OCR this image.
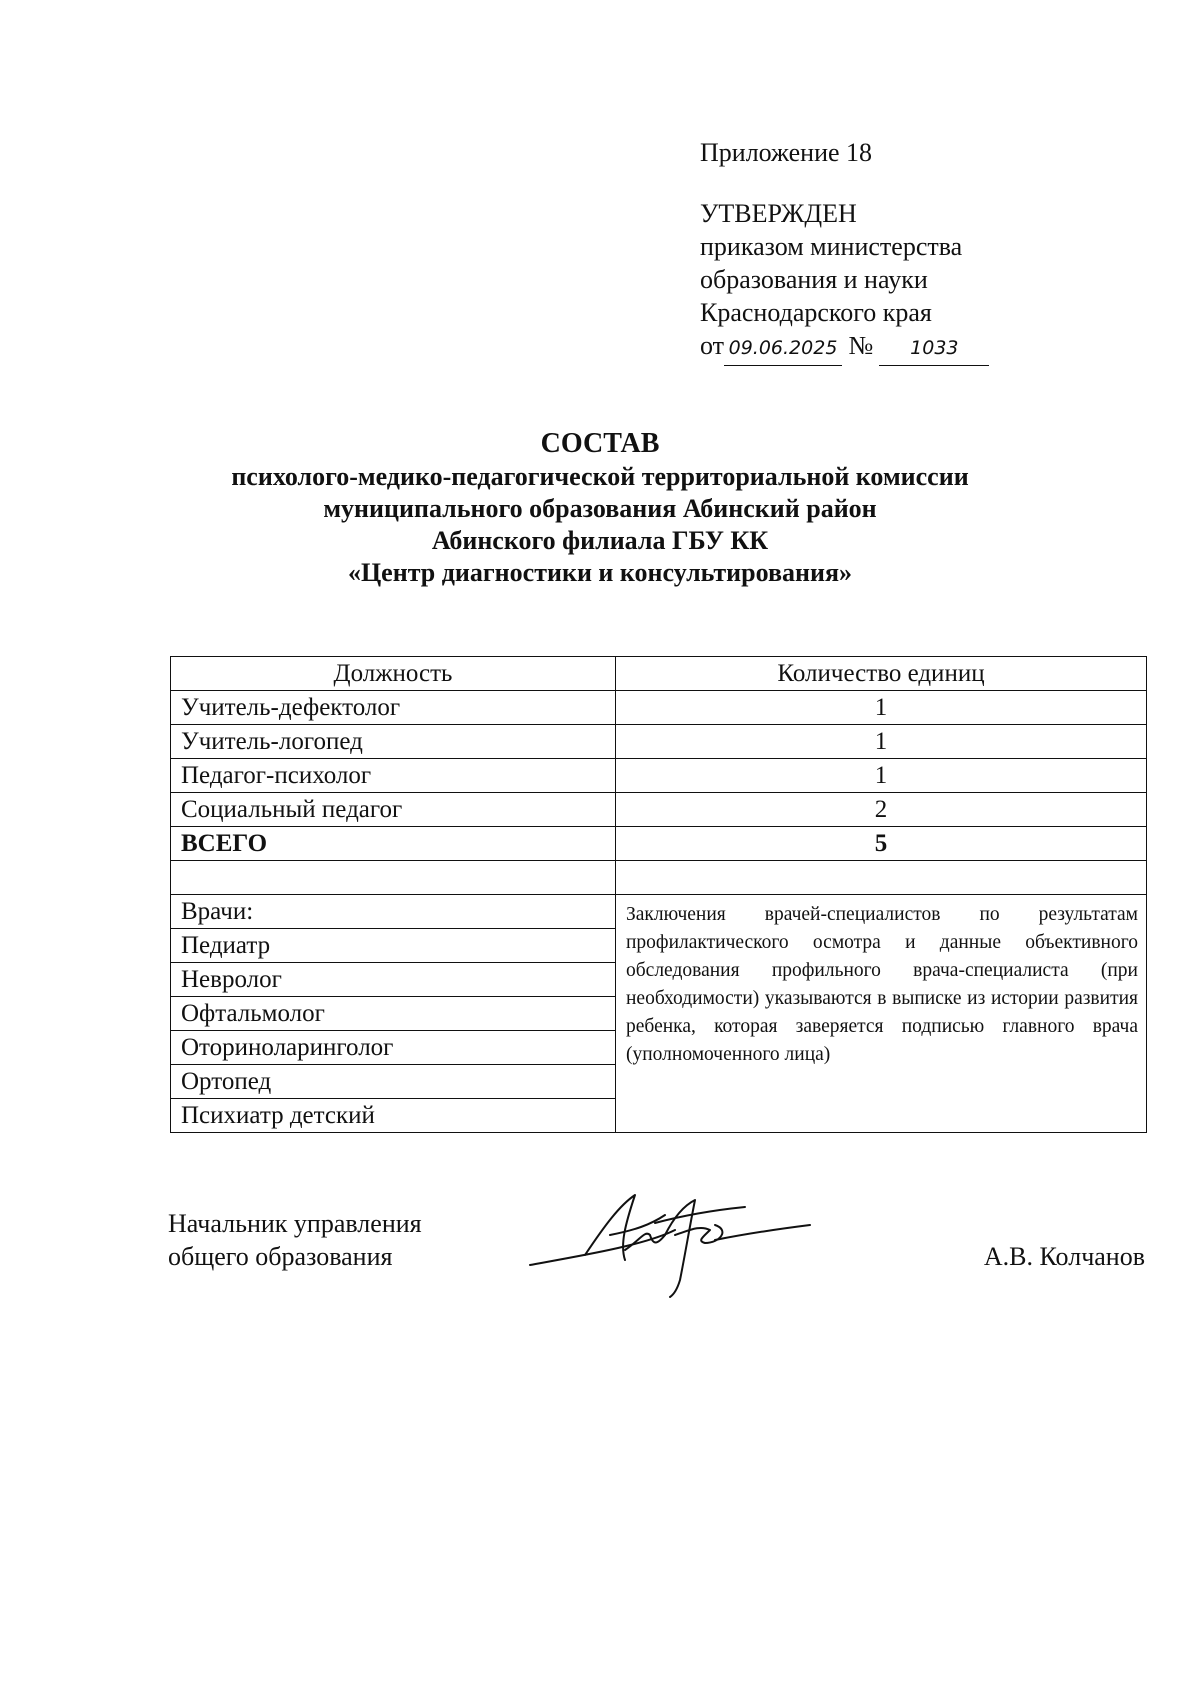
Приложение 18
УТВЕРЖДЕН
приказом министерства
образования и науки
Краснодарского края
от 09.06.2025 № 1033
СОСТАВ
психолого-медико-педагогической территориальной комиссии
муниципального образования Абинский район
Абинского филиала ГБУ КК
«Центр диагностики и консультирования»
Должность	Количество единиц
Учитель-дефектолог	1
Учитель-логопед	1
Педагог-психолог	1
Социальный педагог	2
ВСЕГО	5

Врачи:	Заключения врачей-специалистов по результатам профилактического осмотра и данные объективного обследования профильного врача-специалиста (при необходимости) указываются в выписке из истории развития ребенка, которая заверяется подписью главного врача (уполномоченного лица)
Педиатр	
Невролог	
Офтальмолог	
Оториноларинголог	
Ортопед	
Психиатр детский	
Начальник управления
общего образования	А.В. Колчанов
